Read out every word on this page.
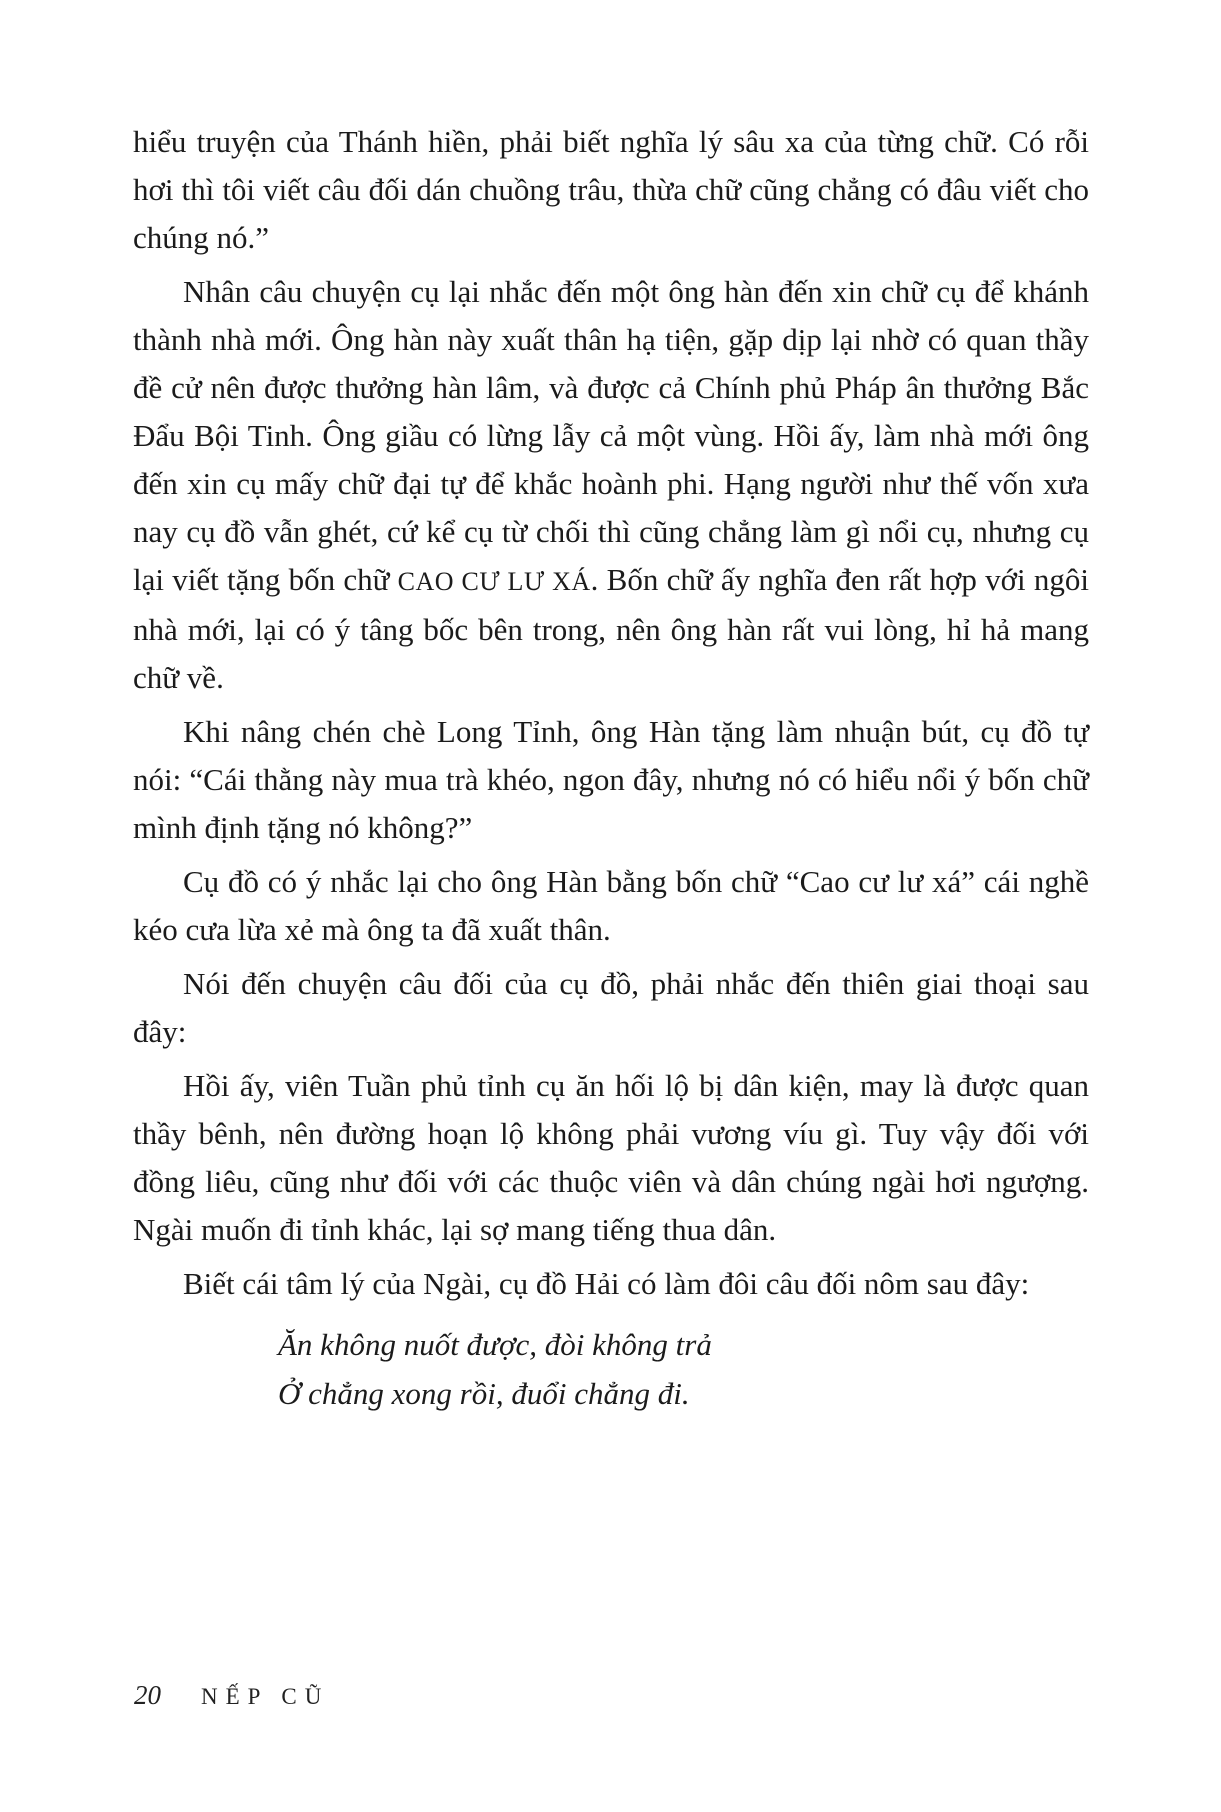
hiểu truyện của Thánh hiền, phải biết nghĩa lý sâu xa của từng chữ. Có rỗi hơi thì tôi viết câu đối dán chuồng trâu, thừa chữ cũng chẳng có đâu viết cho chúng nó.”

Nhân câu chuyện cụ lại nhắc đến một ông hàn đến xin chữ cụ để khánh thành nhà mới. Ông hàn này xuất thân hạ tiện, gặp dịp lại nhờ có quan thầy đề cử nên được thưởng hàn lâm, và được cả Chính phủ Pháp ân thưởng Bắc Đẩu Bội Tinh. Ông giầu có lừng lẫy cả một vùng. Hồi ấy, làm nhà mới ông đến xin cụ mấy chữ đại tự để khắc hoành phi. Hạng người như thế vốn xưa nay cụ đồ vẫn ghét, cứ kể cụ từ chối thì cũng chẳng làm gì nổi cụ, nhưng cụ lại viết tặng bốn chữ CAO CƯ LƯ XÁ. Bốn chữ ấy nghĩa đen rất hợp với ngôi nhà mới, lại có ý tâng bốc bên trong, nên ông hàn rất vui lòng, hỉ hả mang chữ về.

Khi nâng chén chè Long Tỉnh, ông Hàn tặng làm nhuận bút, cụ đồ tự nói: “Cái thằng này mua trà khéo, ngon đây, nhưng nó có hiểu nổi ý bốn chữ mình định tặng nó không?”

Cụ đồ có ý nhắc lại cho ông Hàn bằng bốn chữ “Cao cư lư xá” cái nghề kéo cưa lừa xẻ mà ông ta đã xuất thân.

Nói đến chuyện câu đối của cụ đồ, phải nhắc đến thiên giai thoại sau đây:

Hồi ấy, viên Tuần phủ tỉnh cụ ăn hối lộ bị dân kiện, may là được quan thầy bênh, nên đường hoạn lộ không phải vương víu gì. Tuy vậy đối với đồng liêu, cũng như đối với các thuộc viên và dân chúng ngài hơi ngượng. Ngài muốn đi tỉnh khác, lại sợ mang tiếng thua dân.

Biết cái tâm lý của Ngài, cụ đồ Hải có làm đôi câu đối nôm sau đây:

Ăn không nuốt được, đòi không trả

Ở chẳng xong rồi, đuổi chẳng đi.

20 NẾP CŨ
